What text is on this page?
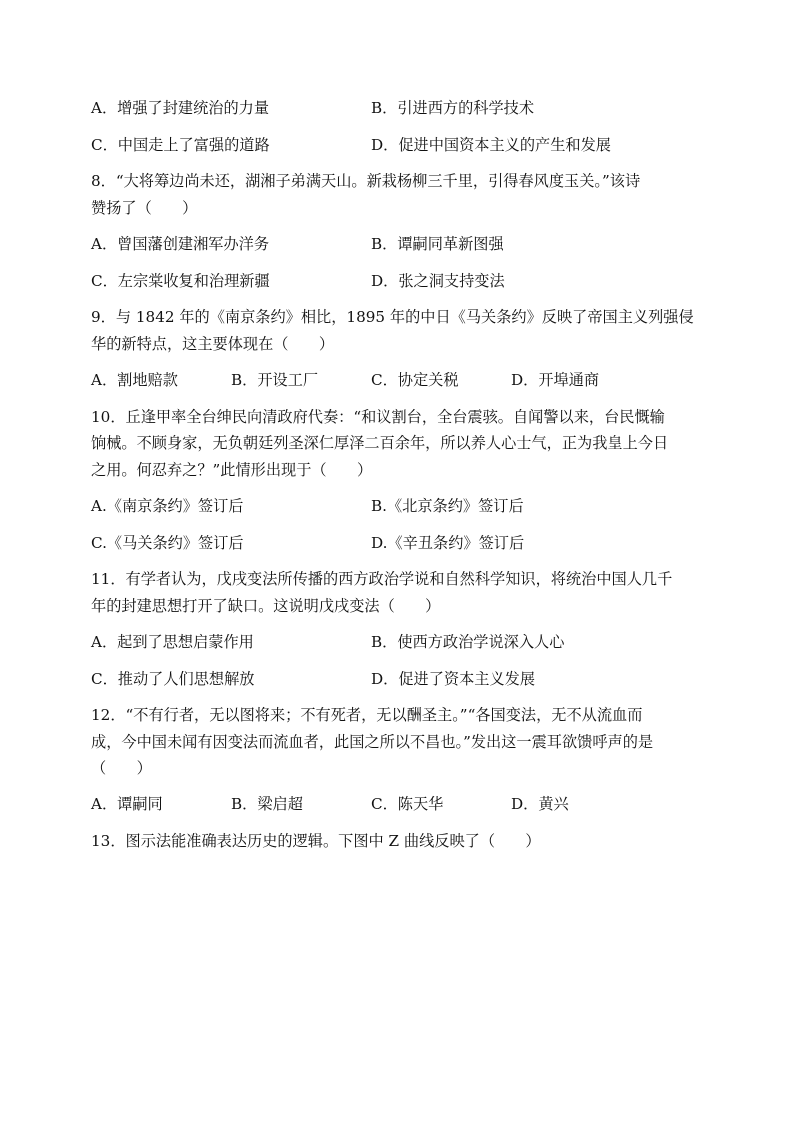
A．增强了封建统治的力量	B．引进西方的科学技术
C．中国走上了富强的道路	D．促进中国资本主义的产生和发展
8．“大将筹边尚未还，湖湘子弟满天山。新栽杨柳三千里，引得春风度玉关。”该诗
赞扬了（　　）
A．曾国藩创建湘军办洋务	B．谭嗣同革新图强
C．左宗棠收复和治理新疆	D．张之洞支持变法
9．与 1842 年的《南京条约》相比，1895 年的中日《马关条约》反映了帝国主义列强侵
华的新特点，这主要体现在（　　）
A．割地赔款	B．开设工厂	C．协定关税	D．开埠通商
10．丘逢甲率全台绅民向清政府代奏：“和议割台，全台震骇。自闻警以来，台民慨输
饷械。不顾身家，无负朝廷列圣深仁厚泽二百余年，所以养人心士气，正为我皇上今日
之用。何忍弃之？”此情形出现于（　　）
A.《南京条约》签订后	B.《北京条约》签订后
C.《马关条约》签订后	D.《辛丑条约》签订后
11．有学者认为，戊戌变法所传播的西方政治学说和自然科学知识，将统治中国人几千
年的封建思想打开了缺口。这说明戊戌变法（　　）
A．起到了思想启蒙作用	B．使西方政治学说深入人心
C．推动了人们思想解放	D．促进了资本主义发展
12．“不有行者，无以图将来；不有死者，无以酬圣主。”“各国变法，无不从流血而
成，今中国未闻有因变法而流血者，此国之所以不昌也。”发出这一震耳欲馈呼声的是
（　　）
A．谭嗣同	B．梁启超	C．陈天华	D．黄兴
13．图示法能准确表达历史的逻辑。下图中 Z 曲线反映了（　　）
